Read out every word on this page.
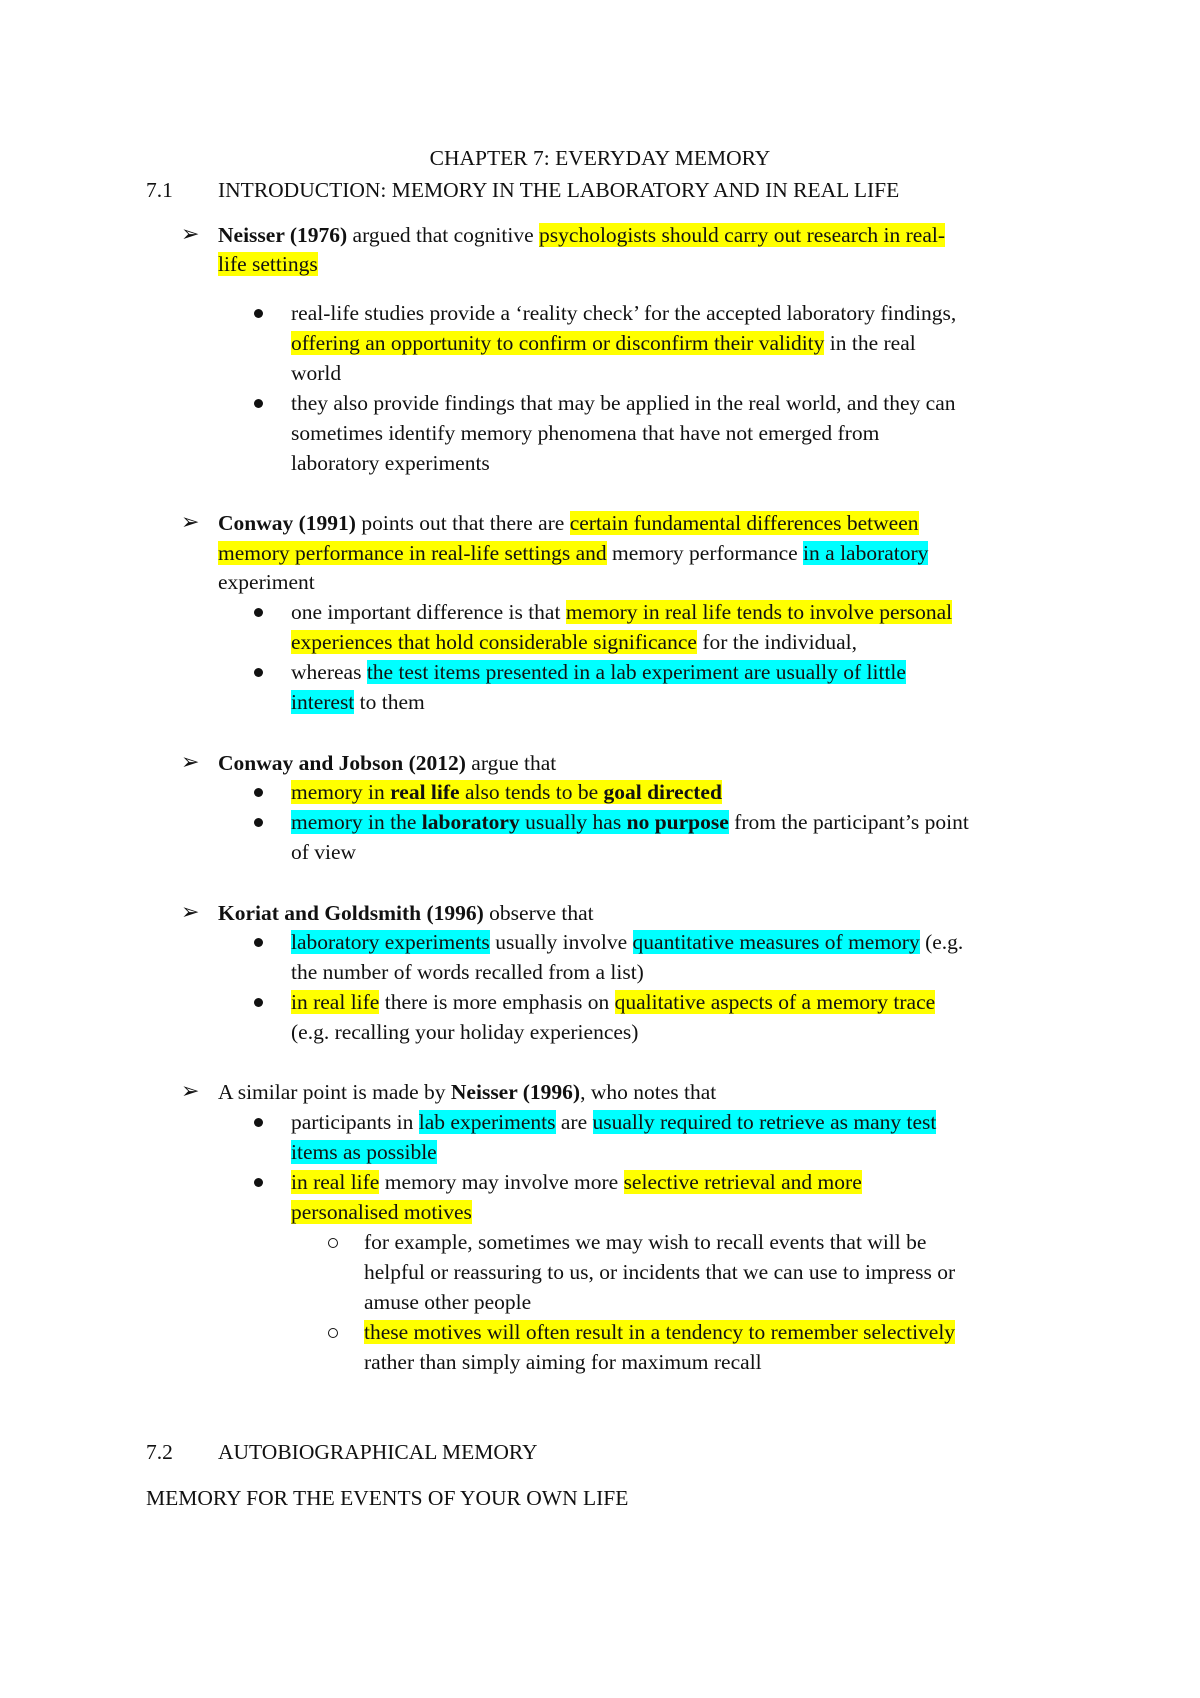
CHAPTER 7: EVERYDAY MEMORY
7.1 INTRODUCTION: MEMORY IN THE LABORATORY AND IN REAL LIFE
➢ Neisser (1976) argued that cognitive psychologists should carry out research in real-
life settings
real-life studies provide a ‘reality check’ for the accepted laboratory findings,
offering an opportunity to confirm or disconfirm their validity in the real
world
they also provide findings that may be applied in the real world, and they can
sometimes identify memory phenomena that have not emerged from
laboratory experiments
➢ Conway (1991) points out that there are certain fundamental differences between
memory performance in real-life settings and memory performance in a laboratory
experiment
one important difference is that memory in real life tends to involve personal
experiences that hold considerable significance for the individual,
whereas the test items presented in a lab experiment are usually of little
interest to them
➢ Conway and Jobson (2012) argue that
memory in real life also tends to be goal directed
memory in the laboratory usually has no purpose from the participant’s point
of view
➢ Koriat and Goldsmith (1996) observe that
laboratory experiments usually involve quantitative measures of memory (e.g.
the number of words recalled from a list)
in real life there is more emphasis on qualitative aspects of a memory trace
(e.g. recalling your holiday experiences)
➢ A similar point is made by Neisser (1996), who notes that
participants in lab experiments are usually required to retrieve as many test
items as possible
in real life memory may involve more selective retrieval and more
personalised motives
for example, sometimes we may wish to recall events that will be
helpful or reassuring to us, or incidents that we can use to impress or
amuse other people
these motives will often result in a tendency to remember selectively
rather than simply aiming for maximum recall
7.2 AUTOBIOGRAPHICAL MEMORY
MEMORY FOR THE EVENTS OF YOUR OWN LIFE
